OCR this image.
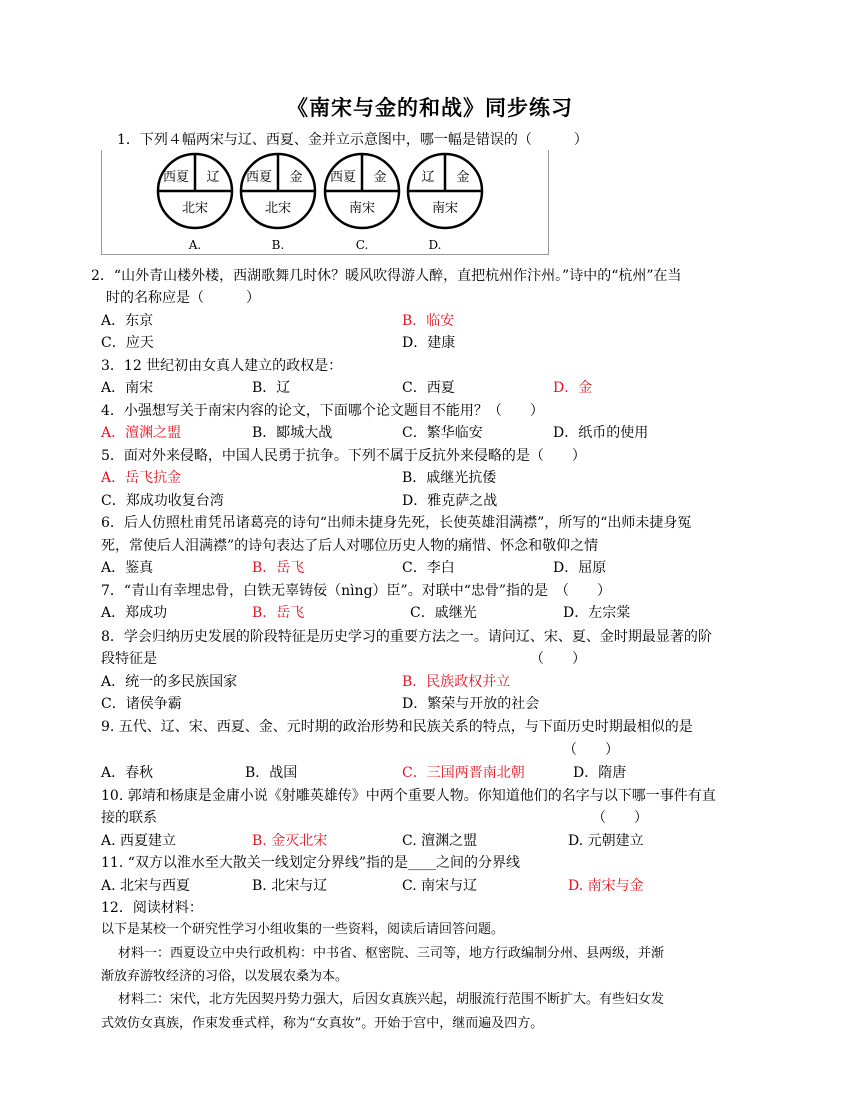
《南宋与金的和战》同步练习
1．下列４幅两宋与辽、西夏、金并立示意图中，哪一幅是错误的（　　　）
西夏 辽
北宋
A.
西夏 金
北宋
B.
西夏 金
南宋
C.
辽 金
南宋
D.
2．“山外青山楼外楼，西湖歌舞几时休？暖风吹得游人醉，直把杭州作汴州。”诗中的“杭州”在当
时的名称应是（　　　）
A．东京	B．临安
C．应天	D．建康
3．12 世纪初由女真人建立的政权是：
A．南宋	B．辽	C．西夏	D．金
4．小强想写关于南宋内容的论文，下面哪个论文题目不能用？（　　）
A．澶渊之盟	B．郾城大战	C．繁华临安	D．纸币的使用
5．面对外来侵略，中国人民勇于抗争。下列不属于反抗外来侵略的是（　　）
A．岳飞抗金	B．戚继光抗倭
C．郑成功收复台湾	D．雅克萨之战
6．后人仿照杜甫凭吊诸葛亮的诗句“出师未捷身先死，长使英雄泪满襟”，所写的“出师未捷身冤
死，常使后人泪满襟”的诗句表达了后人对哪位历史人物的痛惜、怀念和敬仰之情
A．鉴真	B．岳飞	C．李白	D．屈原
7．“青山有幸埋忠骨，白铁无辜铸佞（nìng）臣”。对联中“忠骨”指的是　（　　）
A．郑成功	B．岳飞	C．戚继光	D．左宗棠
8．学会归纳历史发展的阶段特征是历史学习的重要方法之一。请问辽、宋、夏、金时期最显著的阶
段特征是	（　　）
A．统一的多民族国家	B．民族政权并立
C．诸侯争霸	D．繁荣与开放的社会
9. 五代、辽、宋、西夏、金、元时期的政治形势和民族关系的特点，与下面历史时期最相似的是
（　　）
A．春秋	B．战国	C．三国两晋南北朝	D．隋唐
10. 郭靖和杨康是金庸小说《射雕英雄传》中两个重要人物。你知道他们的名字与以下哪一事件有直
接的联系	（　　）
A. 西夏建立	B. 金灭北宋	C. 澶渊之盟	D. 元朝建立
11. “双方以淮水至大散关一线划定分界线”指的是____之间的分界线
A. 北宋与西夏	B. 北宋与辽	C. 南宋与辽	D. 南宋与金
12．阅读材料：
以下是某校一个研究性学习小组收集的一些资料，阅读后请回答问题。
材料一：西夏设立中央行政机构：中书省、枢密院、三司等，地方行政编制分州、县两级，并渐
渐放弃游牧经济的习俗，以发展农桑为本。
材料二：宋代，北方先因契丹势力强大，后因女真族兴起，胡服流行范围不断扩大。有些妇女发
式效仿女真族，作束发垂式样，称为“女真妆”。开始于宫中，继而遍及四方。
